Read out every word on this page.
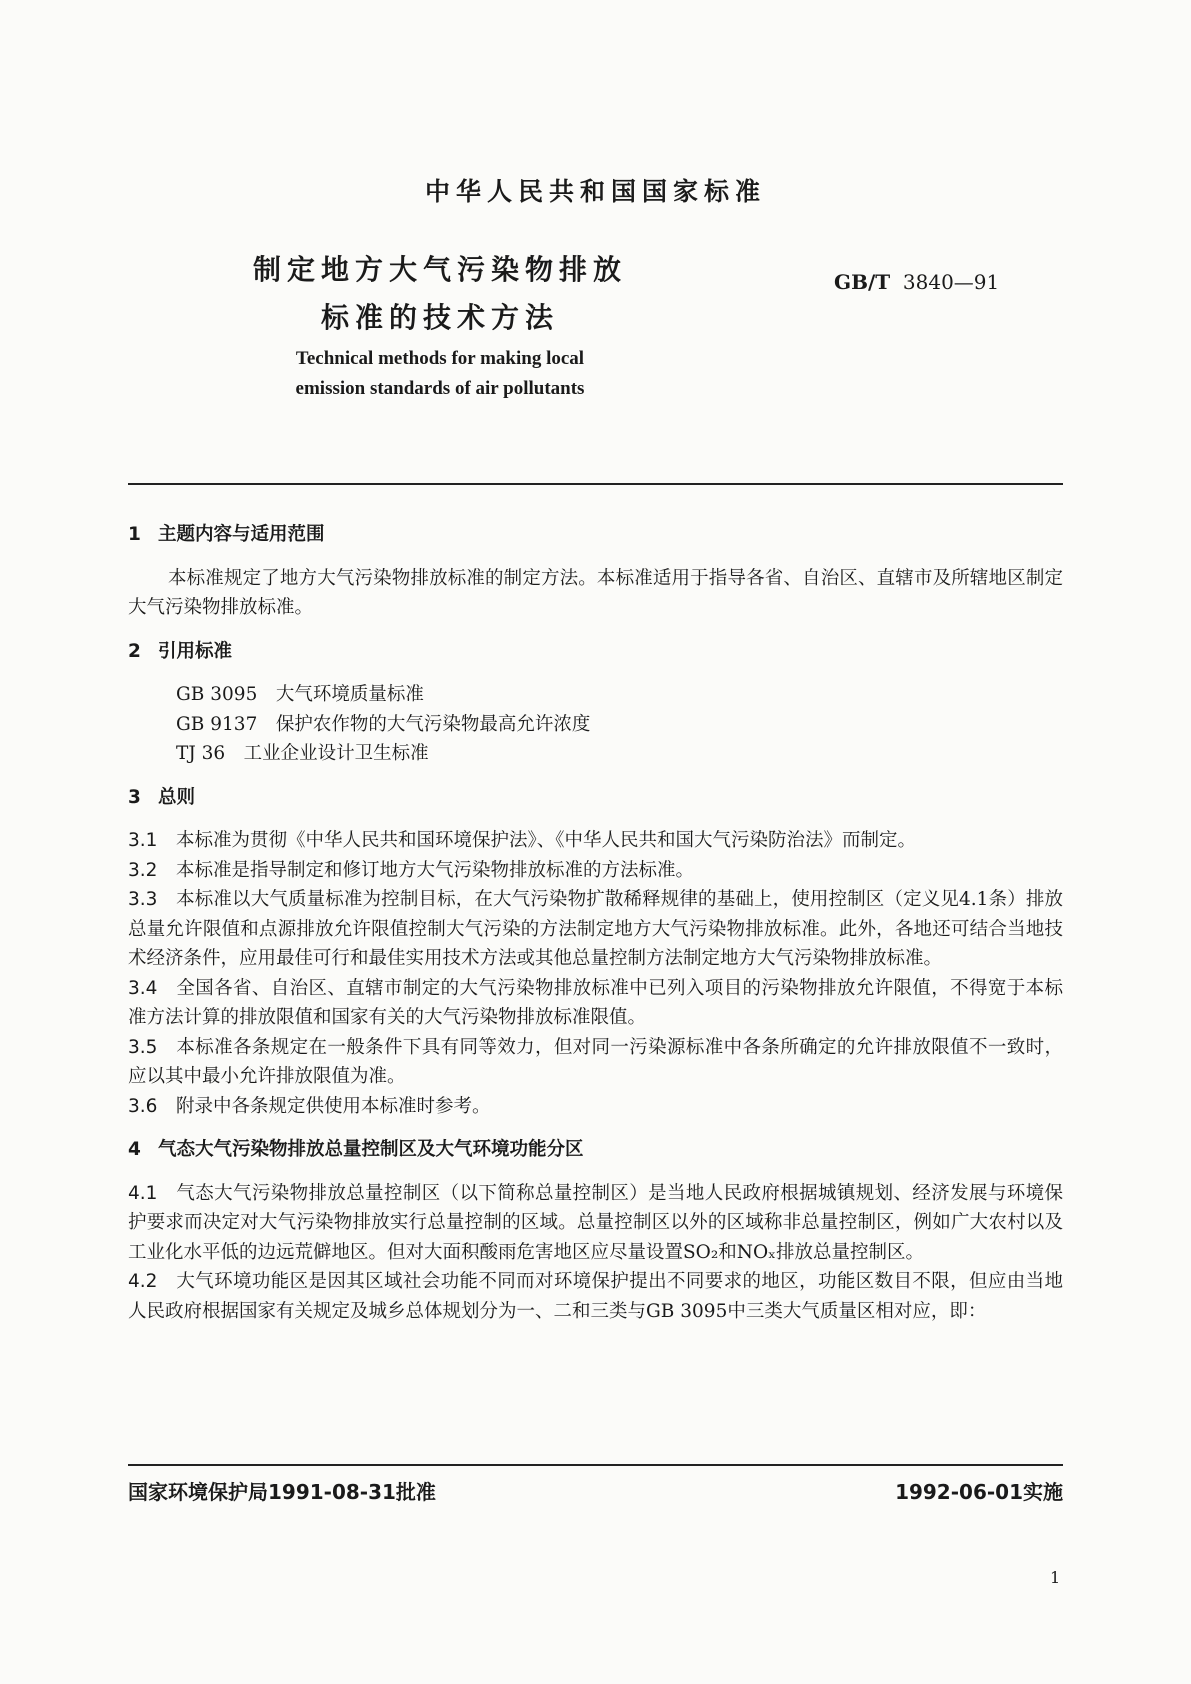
中华人民共和国国家标准
制定地方大气污染物排放
标准的技术方法
GB/T 3840—91
Technical methods for making local
emission standards of air pollutants
1 主题内容与适用范围
本标准规定了地方大气污染物排放标准的制定方法。本标准适用于指导各省、自治区、直辖市及所辖地区制定大气污染物排放标准。
2 引用标准
GB 3095　大气环境质量标准
GB 9137　保护农作物的大气污染物最高允许浓度
TJ 36　工业企业设计卫生标准
3 总则
3.1 本标准为贯彻《中华人民共和国环境保护法》、《中华人民共和国大气污染防治法》而制定。
3.2 本标准是指导制定和修订地方大气污染物排放标准的方法标准。
3.3 本标准以大气质量标准为控制目标，在大气污染物扩散稀释规律的基础上，使用控制区（定义见4.1条）排放总量允许限值和点源排放允许限值控制大气污染的方法制定地方大气污染物排放标准。此外，各地还可结合当地技术经济条件，应用最佳可行和最佳实用技术方法或其他总量控制方法制定地方大气污染物排放标准。
3.4 全国各省、自治区、直辖市制定的大气污染物排放标准中已列入项目的污染物排放允许限值，不得宽于本标准方法计算的排放限值和国家有关的大气污染物排放标准限值。
3.5 本标准各条规定在一般条件下具有同等效力，但对同一污染源标准中各条所确定的允许排放限值不一致时，应以其中最小允许排放限值为准。
3.6 附录中各条规定供使用本标准时参考。
4 气态大气污染物排放总量控制区及大气环境功能分区
4.1 气态大气污染物排放总量控制区（以下简称总量控制区）是当地人民政府根据城镇规划、经济发展与环境保护要求而决定对大气污染物排放实行总量控制的区域。总量控制区以外的区域称非总量控制区，例如广大农村以及工业化水平低的边远荒僻地区。但对大面积酸雨危害地区应尽量设置SO₂和NOₓ排放总量控制区。
4.2 大气环境功能区是因其区域社会功能不同而对环境保护提出不同要求的地区，功能区数目不限，但应由当地人民政府根据国家有关规定及城乡总体规划分为一、二和三类与GB 3095中三类大气质量区相对应，即：
国家环境保护局1991-08-31批准	1992-06-01实施
1
